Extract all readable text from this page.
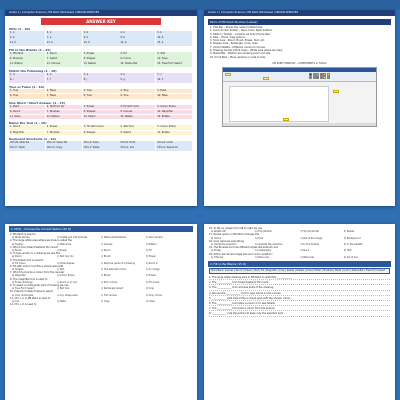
Grade 1 | Computer Science | MS Paint Worksheet | ORIGIN SERVICES
ANSWER KEY
MCQ (1 - 20)
1. b	2. b	3. b	4. b	5. b
6. b	7. a	8. b	9. b	10. b
11. b	12. b	13. b	14. b	15. b
Fill in the Blanks (1 - 15)
1. MS Paint	2. Pencil	3. Eraser	4. Fill	5. Text
6. Brushes	7. Select	8. Shapes	9. Colors	10. Save
11. Ribbon	12. Canvas	13. Resize	14. Status Bar	15. Free-Form Select
Match the Following (1 - 10)
1. d	2. a	3. e	4. b	5. c
6. i	7. f	8. j	9. g	10. h
True or False (1 - 10)
1. True	2. False	3. True	4. True	5. False
6. True	7. False	8. True	9. True	10. False
One Word / Short Answer (1 - 15)
1. Paint	2. Text tool (A)	3. Eraser	4. Fill with Color	5. Colour Picker
6. Pencil	7. Brushes	8. Shapes	9. Canvas	10. Magnifier
11. Save	12. Ribbon	13. Select	14. Resize	15. Rotate
Name the Tool (1 - 10)
1. Pencil	2. Eraser	3. Fill with Colour	4. Text Tool	5. Colour Picker
6. Magnifier	7. Brushes	8. Shapes	9. Select	10. Rotate
Keyboard Shortcuts (1 - 10)
Ctrl+N: New file	Ctrl+O: Open file	Ctrl+S: Save	Ctrl+P: Print	Ctrl+Z: Undo
Ctrl+Y: Redo	Ctrl+C: Copy	Ctrl+V: Paste	Ctrl+X: Cut	Ctrl+A: Select All
Grade 1 | Computer Science | MS Paint Worksheet | ORIGIN SERVICES
Parts of MS Paint Window (Labels)
1. Title Bar – Shows the name (Untitled) bar.
2. Quick Access Toolbar – Save, Undo, Redo buttons.
3. Ribbon / Toolbar – Contains all tools (Home tab).
4. Tabs – Home, View options.
5. Tools Area – Pencil, Brush, Eraser, Text, etc.
6. Shapes Area – Rectangle, circle, lines.
7. Colour Palette – Different colours to choose.
8. Drawing Canvas (Work Area) – White area where we draw.
9. Status Bar – Bottom bar showing zoom and size.
10. Scroll Bars – Move up/down or side to side.
MS PAINT WINDOW – COMPONENTS & TOOLS
1. MCQ – Choose the Correct Option (20 Q)
1. MS Paint is used to
a) Write stories	b) Create and edit pictures	c) Make spreadsheets	d) Send emails
2. The large white area where we draw is called the
a) Toolbar	b) Status bar	c) Canvas	d) Ribbon
3. Which tool draws freehand thin lines?
a) Brush	b) Eraser	c) Pencil	d) Fill
4. To type words on a drawing we use the
a) Pencil	b) Text tool (A)	c) Brush	d) Eraser
5. The Eraser tool is used to
a) Fill colour	b) Draw shapes	c) Remove parts of a drawing	d) Zoom in
6. Fill with Colour tool fills a closed area with
a) Shapes	b) Text	c) The selected colour	d) An image
7. Which tool picks a colour from the canvas?
a) Magnifier	b) Colour Picker	c) Brush	d) Eraser
8. The magnifier tool is used to
a) Erase drawings	b) Zoom in or out	c) Pick colours	d) Fill colour
9. To select a rectangular part of drawing we use
a) Free-Form Select	b) Text tool	c) Rectangle Select	d) Crop
10. Free-Form Select helps to select
a) Only rectangles	b) Any shape area	c) Full canvas	d) Only circles
11. Ctrl + C in MS Paint is used to
a) Cut	b) Paste	c) Copy	d) Close
12. Ctrl + X is used to
16. To flip an image from left to right we use
a) Rotate 90°	b) Flip Vertical	c) Flip Horizontal	d) Resize
17. Resize option in MS Paint changes the
a) Colour	b) Font	c) Size of the image	d) Background
18. Crop removes everything
a) Inside the selection	b) Outside the selection	c) On the toolbar	d) In the palette
19. The Brushes tool has different styles like airbrush and
a) Eraser	b) Calligraphy	c) Pencil	d) Text
20. Which bar shows image size and cursor position?
a) Title bar	b) Menu bar	c) Status bar	d) Scroll bar
2. Fill in the Blanks (15 Q)
Word Bank: Canvas | Pencil | Eraser | Text | Fill | Magnifier | Crop | Resize | Rotate | Colour Picker | Brushes | Paste | Undo | Status Bar | Free-Form Select
1. The large white drawing area in MS Paint is called the ____________.
2. The ____________ tool draws freehand thin lines.
3. The ____________ tool removes parts of the drawing.
4. We use the ____________ tool to type words on the canvas.
5. ____________ with Colour fills a closed area with the chosen colour.
6. The ____________ tool helps us zoom in to see details.
7. The ____________ tool picks a colour from the picture.
8. ____________ cuts the picture to keep only the selected part.
